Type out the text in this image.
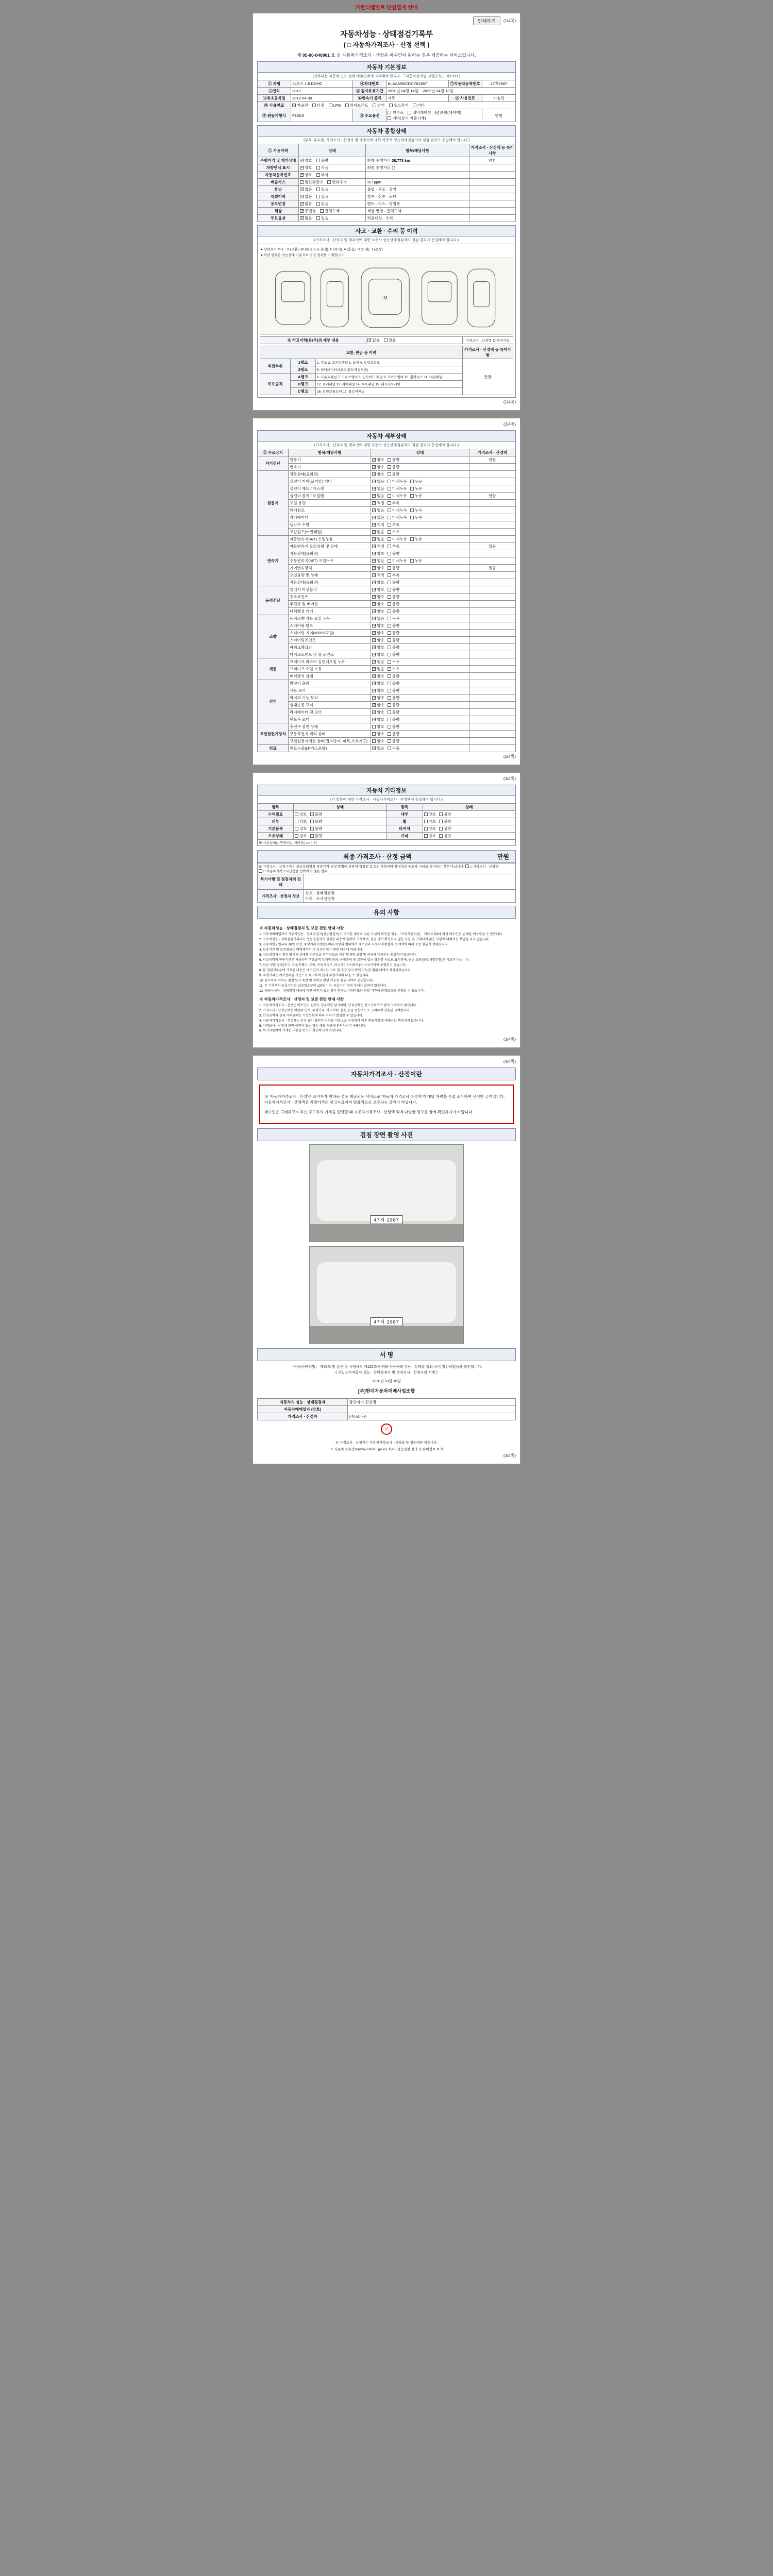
커런티캡먼트 안심결제 안내
인쇄하기	(1/4쪽)
자동차성능 · 상태점검기록부
( □ 자동차가격조사 · 산정 선택 )
제 05-00-040901 호 ※ 자동차가격조사 · 산정은 매수인이 원하는 경우 제공하는 서비스입니다.
자동차 기본정보
(기록부는 자동차 인도 전에 매수인에게 교부해야 합니다. 「자동차관리법 시행규칙」 제120조)
① 차명	크루즈 1.8 DOHC	④차대번호	KLAAM69CDCY61987	⑦자동차등록번호	47저2987
②연식	2012	⑤ 검사유효기간	2020년 04월 14일 ~ 2022년 04월 13일		
③최초등록일	2012-04-30	⑥변속기 종류	자동	⑧ 사용연료	가솔린
⑧ 사용연료	✓가솔린 디젤 LPG 하이브리드 전기 수소전기 기타
⑨ 원동기형식	F16D3	⑩ 주요옵션	썬루프 내비게이션 ✓ 보험(에어백) 기타(상기 기준기재)		안함
자동차 종합상태
(부호: 유누출, 가격조사 · 산정자 및 매수인에 대한 자동차 성능상태점검자의 점검 결과가 동일해야 합니다.)
① 사용이력	상태	항목/해당사항	가격조사 · 산정액 등 특이사항
주행거리 및 계기상태	✓양호 불량	현재 주행거리 38,773 km	안함
차량연식 표시	✓양호 적음	최종 주행거리 ( )	
자동차등록번호	✓양호 부식		
배출가스	일산화탄소 탄화수소	% / ppm	
튜닝	✓없음 있음	불법 · 구조 · 장치	
특별이력	✓없음 있음	침수 · 전손 · 도난	
용도변경	✓없음 있음	렌트 · 리스 · 영업용	
색상	✓무변경 전체도색	색상 변경 · 전체도색	
주요옵션	✓없음 있음	리콜대상 · 수리	
사고 · 교환 · 수리 등 이력
(가격조사 · 산정자 및 매수인에 대한 자동차 성능상태점검자의 점검 결과가 동일해야 합니다.)
● 상태표시 부호 : X (교환), W (판금 또는 용접), C (부식), A (흠집), U (요철), T (손상)
● 하단 항목은 성능상태 기준으로 점검 결과를 기재합니다.
M
※ 사고이력(유/무)의 세부 내용	✓없음 있음	가격조사 · 산정액 등 특이사항
교환, 판금 등 이력			가격조사 · 산정액 등 특이사항
외판부위	1랭크	1. 후드 2. 프론트펜더 3. 도어 4. 트렁크리드	안함
	2랭크	5. 라디에이터서포트(볼트체결부품)	
주요골격	A랭크	6. 프론트패널 7. 크로스멤버 8. 인사이드 패널 9. 사이드멤버 10. 휠하우스 11. 대쉬패널	
	B랭크	12. 필러패널 13. 리어패널 14. 루프패널 15. 패키지트레이	
	C랭크	16. 트렁크플로어 17. 플로어패널	
(1/4쪽)
(2/4쪽)
자동차 세부상태
(가격조사 · 산정자 및 매수인에 대한 자동차 성능상태점검자의 점검 결과가 동일해야 합니다.)
② 주요장치	항목/해당사항	상태	가격조사 · 산정액
자기진단	원동기	✓양호 불량	안함
	변속기	✓양호 불량	
원동기	작동상태(공회전)	✓양호 불량	
	실린더 커버(로커암) 커버	✓없음 미세누유 누유	
	실린더 헤드 / 가스켓	✓없음 미세누유 누유	
	실린더 블록 / 오일팬	✓없음 미세누유 누유	안함
	오일 유량	✓적정 부족	
	워터펌프	✓없음 미세누수 누수	
	라디에이터	✓없음 미세누수 누수	
	냉각수 수량	✓적정 부족	
	고압펌프(커먼레일)	✓없음 누유	
변속기	자동변속기(A/T) 오일누유	✓없음 미세누유 누유	
	자동변속기 오일유량 및 상태	✓적정 부족	있음
	작동상태(공회전)	✓양호 불량	
	수동변속기(M/T) 오일누유	✓없음 미세누유 누유	
	기어변속장치	✓양호 불량	있음
	오일유량 및 상태	✓적정 부족	
	작동상태(공회전)	✓양호 불량	
동력전달	클러치 어셈블리	✓양호 불량	
	등속죠인트	✓양호 불량	
	추진축 및 베어링	✓양호 불량	
	디퍼렌셜 기어	✓양호 불량	
조향	동력조향 작동 오일 누유	✓없음 누유	
	스티어링 펌프	✓양호 불량	
	스티어링 기어(MDPS포함)	✓양호 불량	
	스티어링조인트	✓양호 불량	
	파워크랭크암	✓양호 불량	
	타이로드엔드 및 볼 조인트	✓양호 불량	
제동	브레이크 마스터 실린더오일 누유	✓없음 누유	
	브레이크 오일 누유	✓없음 누유	
	배력장치 상태	✓양호 불량	
전기	발전기 출력	✓양호 불량	
	시동 모터	✓양호 불량	
	와이퍼 기능 모터	✓양호 불량	
	실내송풍 모터	✓양호 불량	
	라디에이터 팬 모터	✓양호 불량	
	윈도우 모터	✓양호 불량	
고전원전기장치	충전구 절연 상태	양호 불량	
	구동축전지 격리 상태	양호 불량	
	고전원전기배선 상태(접속단자, 피복,보호기구)	양호 불량	
연료	연료누출(LP가스포함)	✓없음 누출	
(2/4쪽)
(3/4쪽)
자동차 기타정보
(각 항목에 대한 가격조사 · 자동차가격조사 · 산정액이 동일해야 합니다.)
항목	상태	항목	상태
수리필요	양호 불량	내부	양호 불량
외부	양호 불량	휠	양호 불량
기본품목	양호 불량	타이어	양호 불량
보유상태	양호 불량	기타	양호 불량
※ 사용설비(□ 안전띠(□ 에어컨(□ □ 기타			
최종 가격조사 · 산정 금액	만원
※ 가격조사 · 산정가격은 성능상태점검 차량가격 산정 방법에 의하여 책정된 참고용 가격이며 절대적인 중고차 시세를 의미하는 것은 아닙니다. □ 가격조사 · 산정액 □ 자동차가격조사산정을 선택하지 않은 경우	
특기사항 및 점검자의 견해	
가격조사 · 산정자 정보	상호 · 상태점검장
가격 · 조사산정자
유의 사항
※ 자동차성능 · 상태점검자 및 보증 관련 안내 사항

1. 자동차매매업자가 자동차성능 · 상태점검자(성능점검자)가 고지한 내용과 다른 사실이 확인된 경우 「자동차관리법」 제58조의4에 따라 매수인은 손해를 배상받을 수 있습니다.

2. 자동차성능 · 상태점검기록부는 성능점검자가 점검한 내용에 한하여 기재하며, 점검 당시 확인되지 않은 사항 및 기재되지 않은 사항에 대해서는 책임을 지지 않습니다.

3. 자동차인도일부터 30일 이상, 주행거리 2천킬로미터 이상의 범위에서 매수인과 자동차매매업자 간 계약에 따라 보증 범위가 정해집니다.

4. 보증기간 및 보증범위는 매매계약서 및 보증서에 기재된 내용에 따릅니다.

5. 성능점검자는 점검 당시의 상태를 기준으로 점검하므로 이후 발생한 고장 및 하자에 대해서는 보증하지 않습니다.

6. 사고이력의 판단기준은 자동차의 주요골격 부위의 판금, 용접수리 및 교환이 있는 경우를 사고로 표기하며, 단순 교환(볼트체결부품)은 사고가 아닙니다.

7. 단순 교환 부위(후드, 프론트펜더, 도어, 트렁크리드, 라디에이터서포트)는 사고이력에 포함되지 않습니다.

8. 본 점검기록부에 기재된 내용은 매도인이 제시한 자료 및 점검 당시 확인 가능한 범위 내에서 작성되었습니다.

9. 주행거리는 계기상태를 기준으로 표기하며 실제 주행거리와 다를 수 있습니다.

10. 침수차량 여부는 점검 당시 육안 및 장비로 확인 가능한 범위 내에서 판단합니다.

11. 본 기록부의 유효기간은 발급일로부터 120일이며, 유효기간 경과 후에는 효력이 없습니다.

12. 자동차성능 · 상태점검 내용에 대한 이의가 있는 경우 한국소비자원 또는 관할 기관에 분쟁조정을 신청할 수 있습니다.

※ 자동차가격조사 · 산정자 및 보증 관련 안내 사항

1. 자동차가격조사 · 산정은 매수인이 원하는 경우에만 실시하며, 산정금액은 참고자료로서 법적 구속력이 없습니다.

2. 가격조사 · 산정금액은 차량의 연식, 주행거리, 사고이력, 옵션 등을 종합적으로 고려하여 산출된 금액입니다.

3. 산정금액과 실제 거래금액은 시장상황에 따라 차이가 발생할 수 있습니다.

4. 자동차가격조사 · 산정자는 산정 당시 확인된 사항을 기준으로 산정하며 이후 변동사항에 대해서는 책임지지 않습니다.

5. 가격조사 · 산정에 관한 이의가 있는 경우 해당 기관에 문의하시기 바랍니다.

6. 특기사항란에 기재된 내용을 반드시 확인하시기 바랍니다.

(3/4쪽)
(4/4쪽)
자동차가격조사 · 산정이란

※ '자동차가격조사 · 산정'은 소비자가 원하는 경우 제공되는 서비스로 '자동차 가격조사 산정자'가 해당 차량을 직접 조사하여 산정한 금액입니다. 자동차가격조사 · 산정액은 차량가격의 참고자료이며 법률적으로 보증되는 금액이 아닙니다.

매수인은 구매하고자 하는 중고차의 가격을 판단할 때 자동차가격조사 · 산정액 외에 다양한 정보를 함께 확인하시기 바랍니다.

검침 장면 촬영 사진
47저 2987
47저 2987
서 명
「자동차관리법」 제58조 및 같은 법 시행규칙 제120조에 따라 자동차의 성능 · 상태를 위와 같이 점검하였음을 확인합니다.
( 구입고지자동차 성능 · 상태점검자 및 가격조사 · 산정자의 서명 )
2020년 03월 18일
[주]현대자동차매매사업조합
자동차의 성능 · 상태점검자	광안자이 진성명
자동차매매업자 (상호)	
가격조사 · 산정자	(주)크라우
인
※ 가격조사 · 산정자는 자동차가격조사 · 산정을 한 경우에만 적습니다.
※ 자동차 등록정보(www.car365.go.kr) 자료 · 성능점검 결과 및 판매정보 보기
(4/4쪽)
